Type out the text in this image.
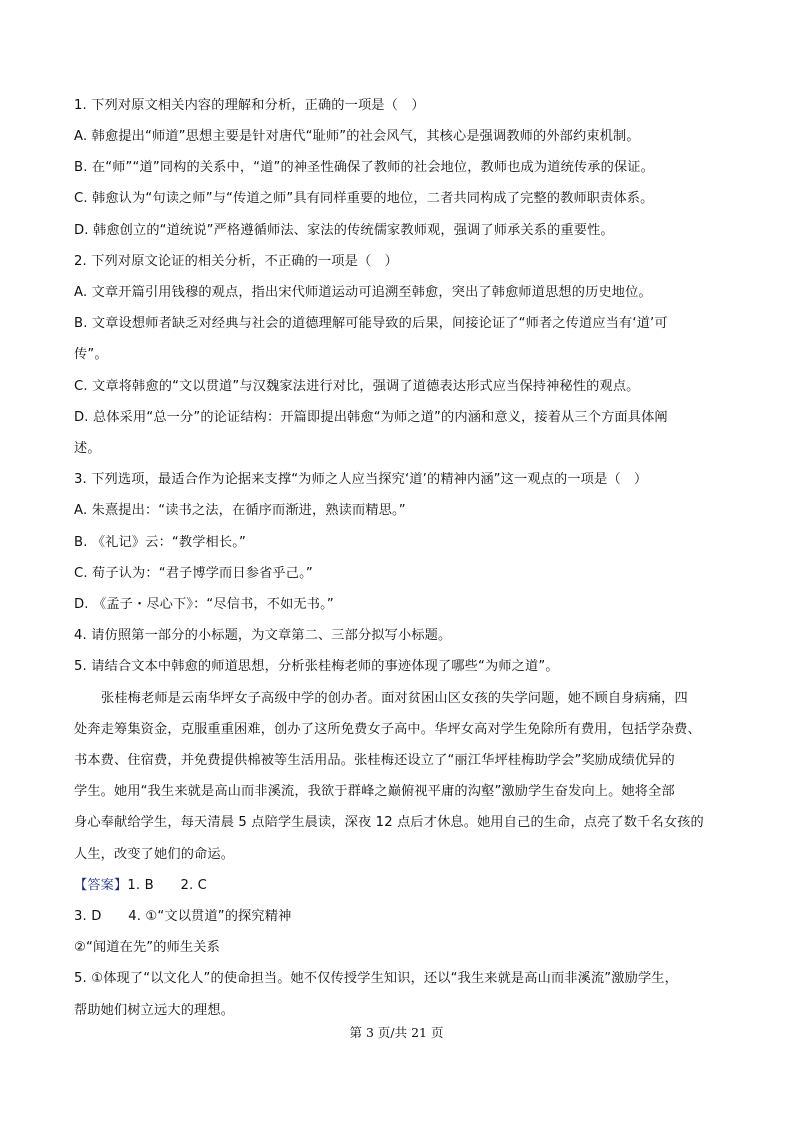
1. 下列对原文相关内容的理解和分析，正确的一项是（　）
A. 韩愈提出“师道”思想主要是针对唐代“耻师”的社会风气，其核心是强调教师的外部约束机制。
B. 在“师”“道”同构的关系中，“道”的神圣性确保了教师的社会地位，教师也成为道统传承的保证。
C. 韩愈认为“句读之师”与“传道之师”具有同样重要的地位，二者共同构成了完整的教师职责体系。
D. 韩愈创立的“道统说”严格遵循师法、家法的传统儒家教师观，强调了师承关系的重要性。
2. 下列对原文论证的相关分析，不正确的一项是（　）
A. 文章开篇引用钱穆的观点，指出宋代师道运动可追溯至韩愈，突出了韩愈师道思想的历史地位。
B. 文章设想师者缺乏对经典与社会的道德理解可能导致的后果，间接论证了“师者之传道应当有‘道’可
传”。
C. 文章将韩愈的“文以贯道”与汉魏家法进行对比，强调了道德表达形式应当保持神秘性的观点。
D. 总体采用“总一分”的论证结构：开篇即提出韩愈“为师之道”的内涵和意义，接着从三个方面具体阐
述。
3. 下列选项，最适合作为论据来支撑“为师之人应当探究‘道’的精神内涵”这一观点的一项是（　）
A. 朱熹提出：“读书之法，在循序而渐进，熟读而精思。”
B. 《礼记》云：“教学相长。”
C. 荀子认为：“君子博学而日参省乎己。”
D. 《孟子・尽心下》：“尽信书，不如无书。”
4. 请仿照第一部分的小标题，为文章第二、三部分拟写小标题。
5. 请结合文本中韩愈的师道思想，分析张桂梅老师的事迹体现了哪些“为师之道”。
张桂梅老师是云南华坪女子高级中学的创办者。面对贫困山区女孩的失学问题，她不顾自身病痛，四
处奔走筹集资金，克服重重困难，创办了这所免费女子高中。华坪女高对学生免除所有费用，包括学杂费、
书本费、住宿费，并免费提供棉被等生活用品。张桂梅还设立了“丽江华坪桂梅助学会”奖励成绩优异的
学生。她用“我生来就是高山而非溪流，我欲于群峰之巅俯视平庸的沟壑”激励学生奋发向上。她将全部
身心奉献给学生，每天清晨 5 点陪学生晨读，深夜 12 点后才休息。她用自己的生命，点亮了数千名女孩的
人生，改变了她们的命运。
【答案】1. B　　2. C
3. D　　4. ①“文以贯道”的探究精神
②“闻道在先”的师生关系
5. ①体现了“以文化人”的使命担当。她不仅传授学生知识，还以“我生来就是高山而非溪流”激励学生，
帮助她们树立远大的理想。
第 3 页/共 21 页
